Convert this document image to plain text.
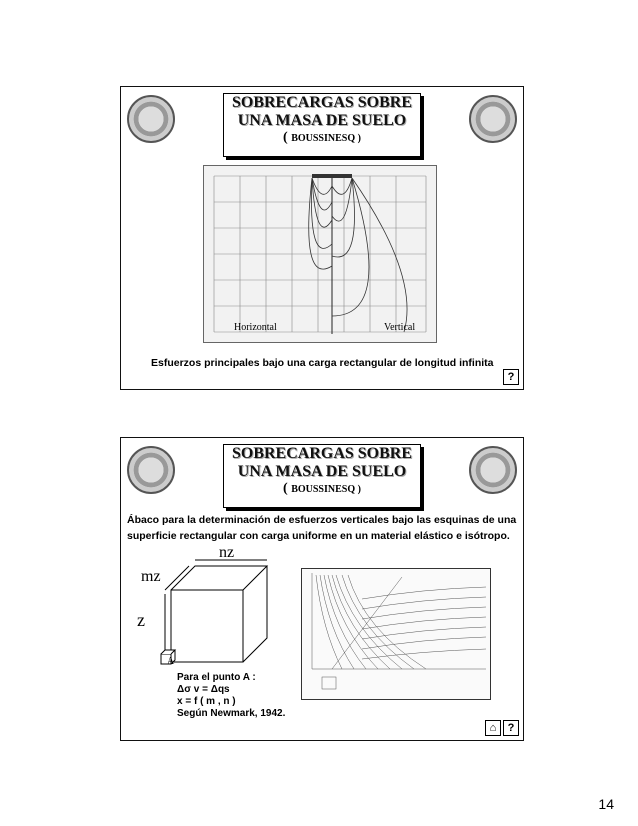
SOBRECARGAS SOBRE
UNA MASA DE SUELO
( BOUSSINESQ )
Horizontal	Vertical
Esfuerzos principales bajo una carga rectangular de longitud infinita
?
SOBRECARGAS SOBRE
UNA MASA DE SUELO
( BOUSSINESQ )
Ábaco para la determinación de esfuerzos verticales bajo las esquinas de una superficie rectangular con carga uniforme en un material elástico e isótropo.
nz
mz
z
A
Para el punto A :
Δσ v = Δqs
x = f ( m , n )
Según Newmark, 1942.
⌂	?
14
